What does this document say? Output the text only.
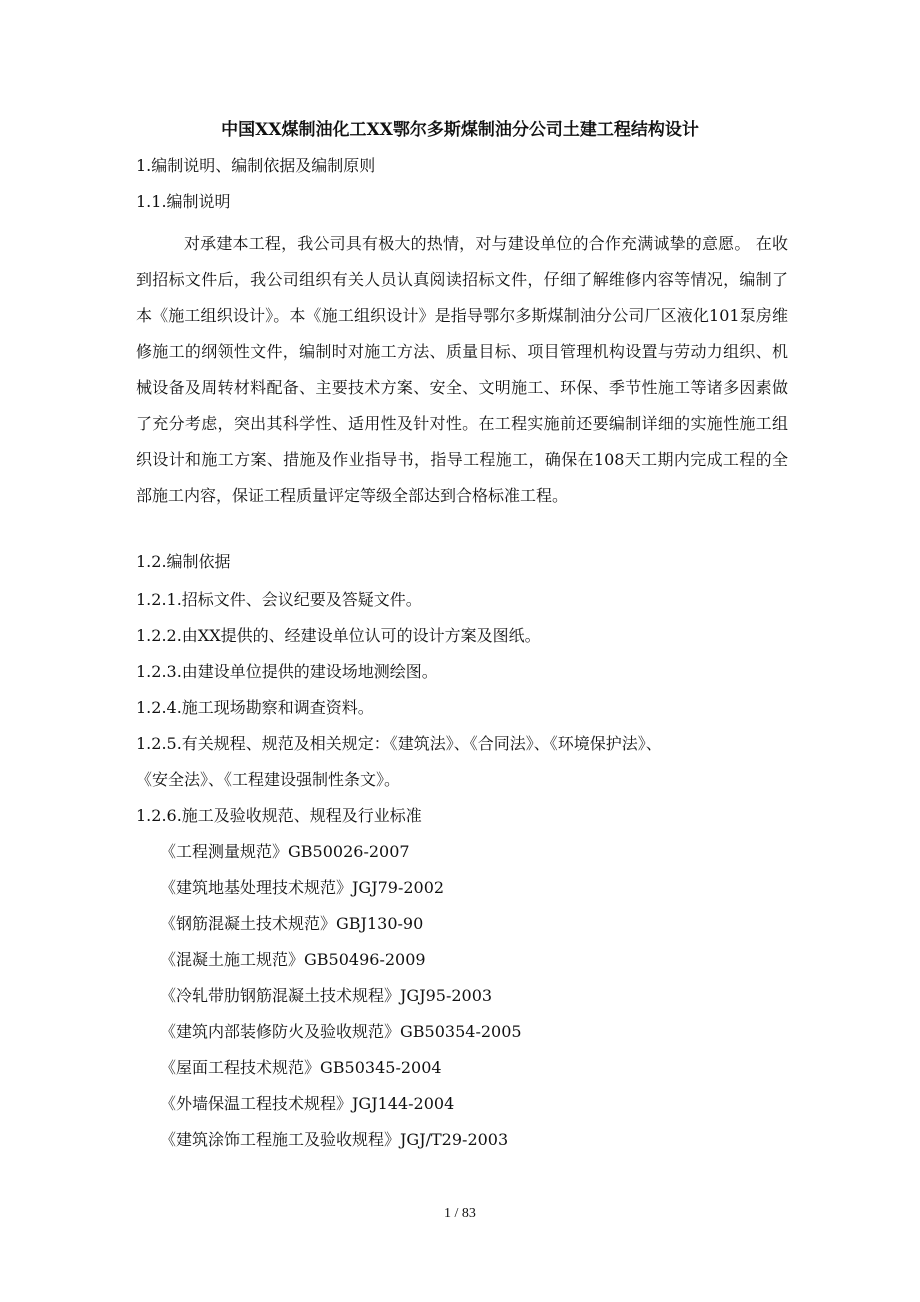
中国XX煤制油化工XX鄂尔多斯煤制油分公司土建工程结构设计
1.编制说明、编制依据及编制原则
1.1.编制说明
对承建本工程，我公司具有极大的热情，对与建设单位的合作充满诚挚的意愿。 在收到招标文件后，我公司组织有关人员认真阅读招标文件，仔细了解维修内容等情况，编制了本《施工组织设计》。本《施工组织设计》是指导鄂尔多斯煤制油分公司厂区液化101泵房维修施工的纲领性文件，编制时对施工方法、质量目标、项目管理机构设置与劳动力组织、机械设备及周转材料配备、主要技术方案、安全、文明施工、环保、季节性施工等诸多因素做了充分考虑，突出其科学性、适用性及针对性。在工程实施前还要编制详细的实施性施工组织设计和施工方案、措施及作业指导书，指导工程施工，确保在108天工期内完成工程的全部施工内容，保证工程质量评定等级全部达到合格标准工程。
1.2.编制依据
1.2.1.招标文件、会议纪要及答疑文件。
1.2.2.由XX提供的、经建设单位认可的设计方案及图纸。
1.2.3.由建设单位提供的建设场地测绘图。
1.2.4.施工现场勘察和调查资料。
1.2.5.有关规程、规范及相关规定：《建筑法》、《合同法》、《环境保护法》、
《安全法》、《工程建设强制性条文》。
1.2.6.施工及验收规范、规程及行业标准
《工程测量规范》GB50026-2007
《建筑地基处理技术规范》JGJ79-2002
《钢筋混凝土技术规范》GBJ130-90
《混凝土施工规范》GB50496-2009
《冷轧带肋钢筋混凝土技术规程》JGJ95-2003
《建筑内部装修防火及验收规范》GB50354-2005
《屋面工程技术规范》GB50345-2004
《外墙保温工程技术规程》JGJ144-2004
《建筑涂饰工程施工及验收规程》JGJ/T29-2003
1 / 83
